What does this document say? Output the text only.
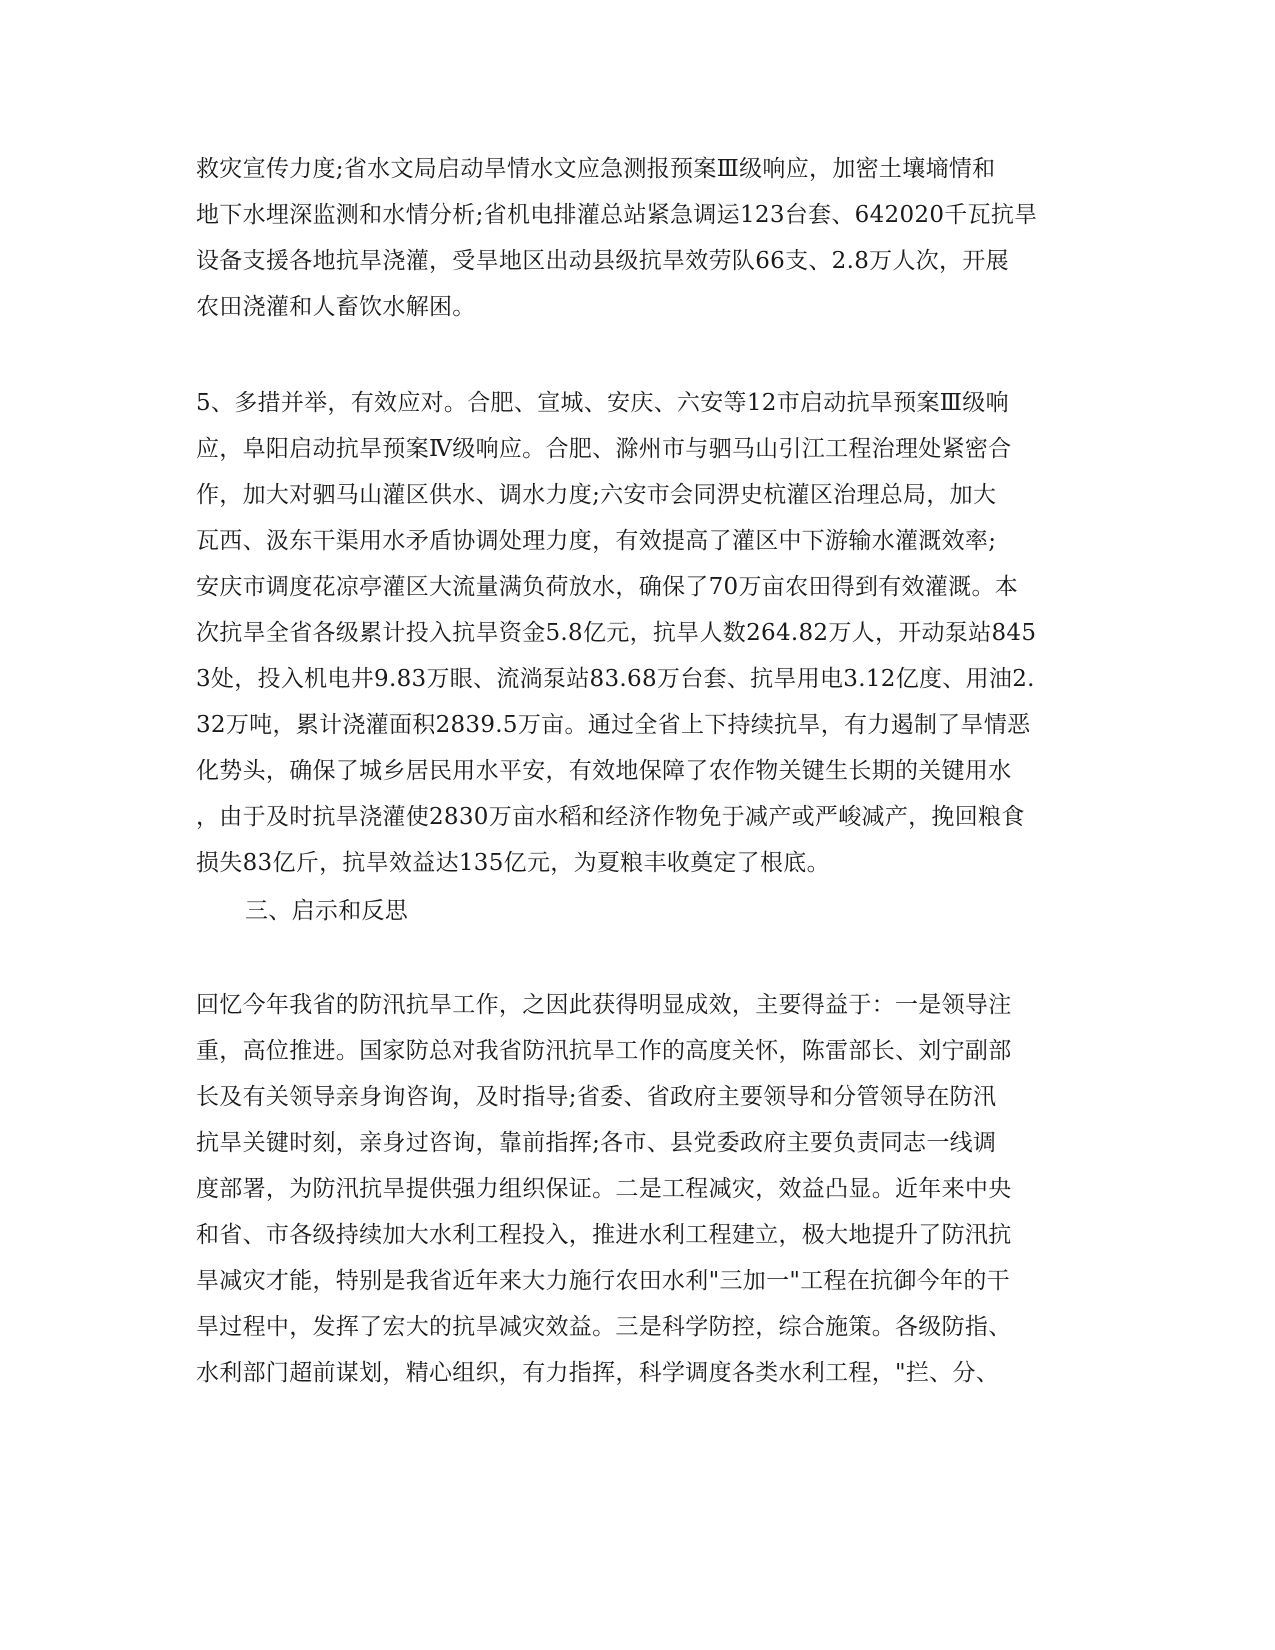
救灾宣传力度;省水文局启动旱情水文应急测报预案Ⅲ级响应，加密土壤墒情和
地下水埋深监测和水情分析;省机电排灌总站紧急调运123台套、642020千瓦抗旱
设备支援各地抗旱浇灌，受旱地区出动县级抗旱效劳队66支、2.8万人次，开展
农田浇灌和人畜饮水解困。
5、多措并举，有效应对。合肥、宣城、安庆、六安等12市启动抗旱预案Ⅲ级响
应，阜阳启动抗旱预案Ⅳ级响应。合肥、滁州市与驷马山引江工程治理处紧密合
作，加大对驷马山灌区供水、调水力度;六安市会同淠史杭灌区治理总局，加大
瓦西、汲东干渠用水矛盾协调处理力度，有效提高了灌区中下游输水灌溉效率;
安庆市调度花凉亭灌区大流量满负荷放水，确保了70万亩农田得到有效灌溉。本
次抗旱全省各级累计投入抗旱资金5.8亿元，抗旱人数264.82万人，开动泵站845
3处，投入机电井9.83万眼、流淌泵站83.68万台套、抗旱用电3.12亿度、用油2.
32万吨，累计浇灌面积2839.5万亩。通过全省上下持续抗旱，有力遏制了旱情恶
化势头，确保了城乡居民用水平安，有效地保障了农作物关键生长期的关键用水
，由于及时抗旱浇灌使2830万亩水稻和经济作物免于减产或严峻减产，挽回粮食
损失83亿斤，抗旱效益达135亿元，为夏粮丰收奠定了根底。
三、启示和反思
回忆今年我省的防汛抗旱工作，之因此获得明显成效，主要得益于：一是领导注
重，高位推进。国家防总对我省防汛抗旱工作的高度关怀，陈雷部长、刘宁副部
长及有关领导亲身询咨询，及时指导;省委、省政府主要领导和分管领导在防汛
抗旱关键时刻，亲身过咨询，靠前指挥;各市、县党委政府主要负责同志一线调
度部署，为防汛抗旱提供强力组织保证。二是工程减灾，效益凸显。近年来中央
和省、市各级持续加大水利工程投入，推进水利工程建立，极大地提升了防汛抗
旱减灾才能，特别是我省近年来大力施行农田水利"三加一"工程在抗御今年的干
旱过程中，发挥了宏大的抗旱减灾效益。三是科学防控，综合施策。各级防指、
水利部门超前谋划，精心组织，有力指挥，科学调度各类水利工程，"拦、分、
